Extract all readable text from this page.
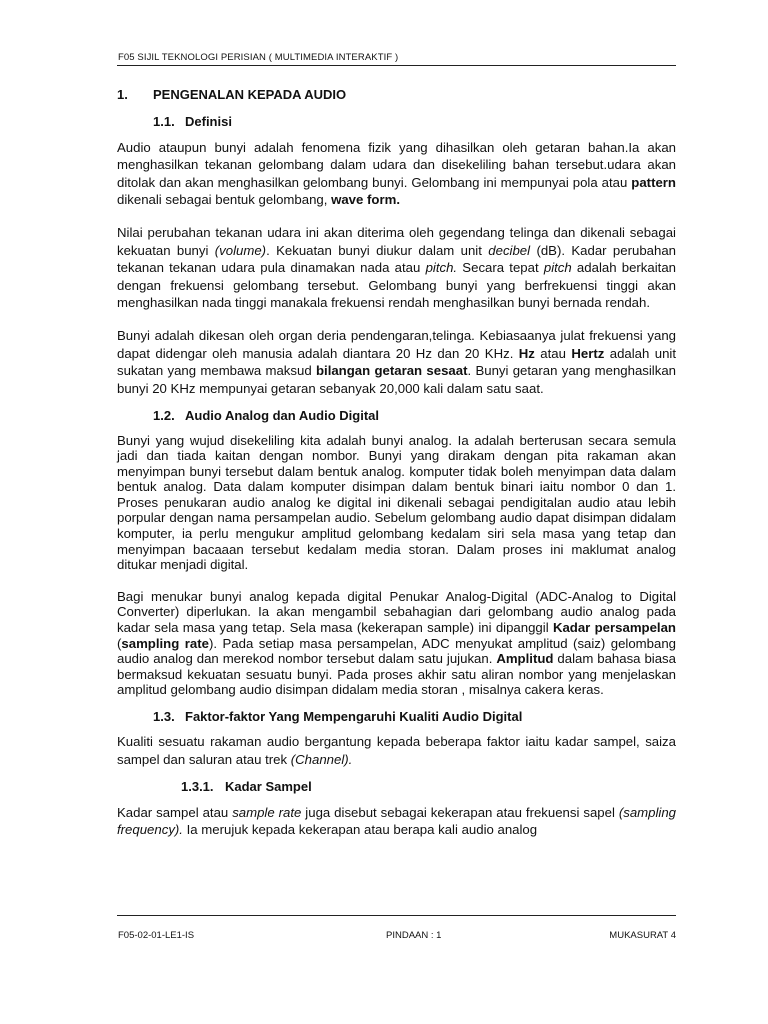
F05 SIJIL TEKNOLOGI PERISIAN ( MULTIMEDIA INTERAKTIF )
1.	PENGENALAN KEPADA AUDIO
1.1. Definisi

Audio ataupun bunyi adalah fenomena fizik yang dihasilkan oleh getaran bahan.Ia akan menghasilkan tekanan gelombang dalam udara dan disekeliling bahan tersebut.udara akan ditolak dan akan menghasilkan gelombang bunyi. Gelombang ini mempunyai pola atau pattern dikenali sebagai bentuk gelombang, wave form.

Nilai perubahan tekanan udara ini akan diterima oleh gegendang telinga dan dikenali sebagai kekuatan bunyi (volume). Kekuatan bunyi diukur dalam unit decibel (dB). Kadar perubahan tekanan tekanan udara pula dinamakan nada atau pitch. Secara tepat pitch adalah berkaitan dengan frekuensi gelombang tersebut. Gelombang bunyi yang berfrekuensi tinggi akan menghasilkan nada tinggi manakala frekuensi rendah menghasilkan bunyi bernada rendah.

Bunyi adalah dikesan oleh organ deria pendengaran,telinga. Kebiasaanya julat frekuensi yang dapat didengar oleh manusia adalah diantara 20 Hz dan 20 KHz. Hz atau Hertz adalah unit sukatan yang membawa maksud bilangan getaran sesaat. Bunyi getaran yang menghasilkan bunyi 20 KHz mempunyai getaran sebanyak 20,000 kali dalam satu saat.

1.2. Audio Analog dan Audio Digital

Bunyi yang wujud disekeliling kita adalah bunyi analog. Ia adalah berterusan secara semula jadi dan tiada kaitan dengan nombor. Bunyi yang dirakam dengan pita rakaman akan menyimpan bunyi tersebut dalam bentuk analog. komputer tidak boleh menyimpan data dalam bentuk analog. Data dalam komputer disimpan dalam bentuk binari iaitu nombor 0 dan 1. Proses penukaran audio analog ke digital ini dikenali sebagai pendigitalan audio atau lebih porpular dengan nama persampelan audio. Sebelum gelombang audio dapat disimpan didalam komputer, ia perlu mengukur amplitud gelombang kedalam siri sela masa yang tetap dan menyimpan bacaaan tersebut kedalam media storan. Dalam proses ini maklumat analog ditukar menjadi digital.

Bagi menukar bunyi analog kepada digital Penukar Analog-Digital (ADC-Analog to Digital Converter) diperlukan. Ia akan mengambil sebahagian dari gelombang audio analog pada kadar sela masa yang tetap. Sela masa (kekerapan sample) ini dipanggil Kadar persampelan (sampling rate). Pada setiap masa persampelan, ADC menyukat amplitud (saiz) gelombang audio analog dan merekod nombor tersebut dalam satu jujukan. Amplitud dalam bahasa biasa bermaksud kekuatan sesuatu bunyi. Pada proses akhir satu aliran nombor yang menjelaskan amplitud gelombang audio disimpan didalam media storan , misalnya cakera keras.

1.3. Faktor-faktor Yang Mempengaruhi Kualiti Audio Digital

Kualiti sesuatu rakaman audio bergantung kepada beberapa faktor iaitu kadar sampel, saiza sampel dan saluran atau trek (Channel).

1.3.1. Kadar Sampel

Kadar sampel atau sample rate juga disebut sebagai kekerapan atau frekuensi sapel (sampling frequency). Ia merujuk kepada kekerapan atau berapa kali audio analog

F05-02-01-LE1-IS	PINDAAN : 1	MUKASURAT 4
